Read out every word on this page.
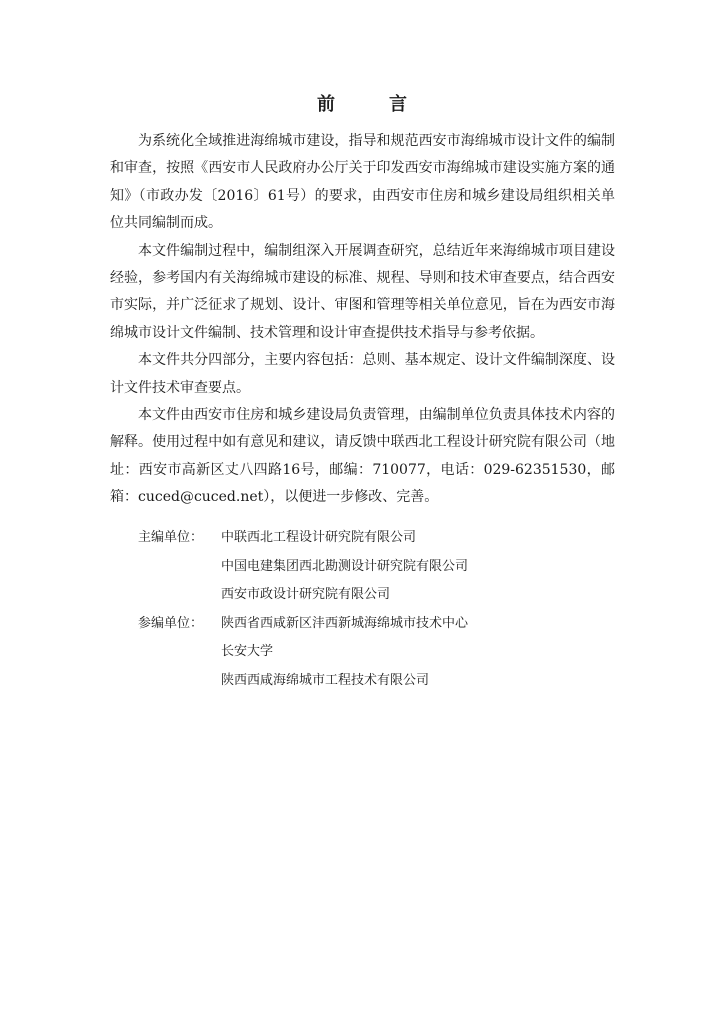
前　言

为系统化全域推进海绵城市建设，指导和规范西安市海绵城市设计文件的编制和审查，按照《西安市人民政府办公厅关于印发西安市海绵城市建设实施方案的通知》（市政办发〔2016〕61号）的要求，由西安市住房和城乡建设局组织相关单位共同编制而成。

本文件编制过程中，编制组深入开展调查研究，总结近年来海绵城市项目建设经验，参考国内有关海绵城市建设的标准、规程、导则和技术审查要点，结合西安市实际，并广泛征求了规划、设计、审图和管理等相关单位意见，旨在为西安市海绵城市设计文件编制、技术管理和设计审查提供技术指导与参考依据。

本文件共分四部分，主要内容包括：总则、基本规定、设计文件编制深度、设计文件技术审查要点。

本文件由西安市住房和城乡建设局负责管理，由编制单位负责具体技术内容的解释。使用过程中如有意见和建议，请反馈中联西北工程设计研究院有限公司（地址：西安市高新区丈八四路16号，邮编：710077，电话：029-62351530，邮箱：cuced@cuced.net），以便进一步修改、完善。

主编单位：	中联西北工程设计研究院有限公司
中国电建集团西北勘测设计研究院有限公司
西安市政设计研究院有限公司
参编单位：	陕西省西咸新区沣西新城海绵城市技术中心
长安大学
陕西西咸海绵城市工程技术有限公司
